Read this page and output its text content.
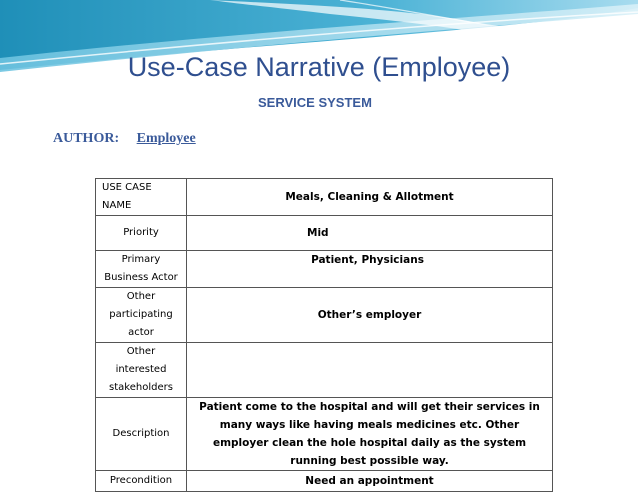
Use-Case Narrative (Employee)
SERVICE SYSTEM
AUTHOR: Employee
USE CASE NAME	Meals, Cleaning & Allotment
Priority	Mid
Primary Business Actor	Patient, Physicians
Other participating actor	Other’s employer
Other interested stakeholders	
Description	Patient come to the hospital and will get their services in many ways like having meals medicines etc. Other employer clean the hole hospital daily as the system running best possible way.
Precondition	Need an appointment
